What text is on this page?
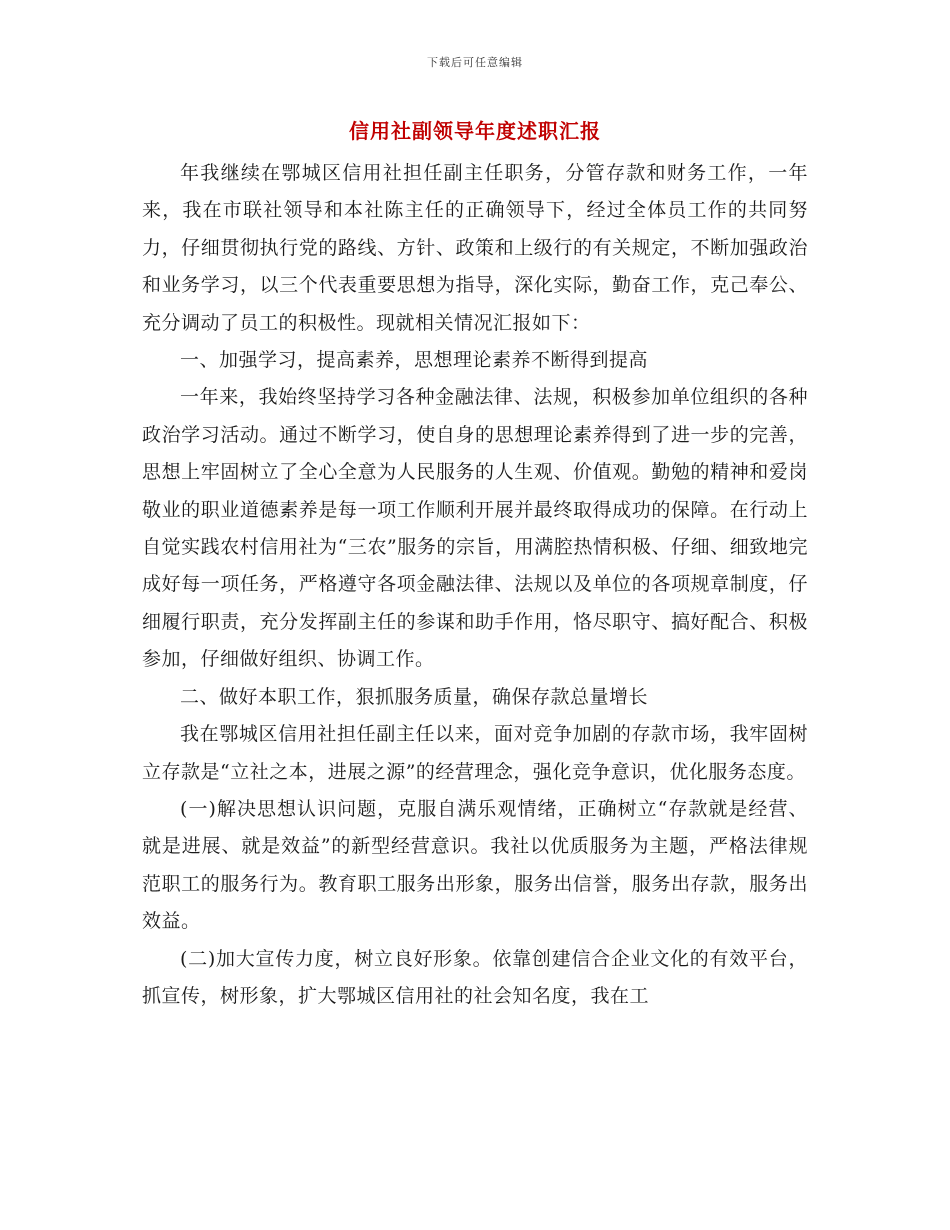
下载后可任意编辑
信用社副领导年度述职汇报

年我继续在鄂城区信用社担任副主任职务，分管存款和财务工作，一年来，我在市联社领导和本社陈主任的正确领导下，经过全体员工作的共同努力，仔细贯彻执行党的路线、方针、政策和上级行的有关规定，不断加强政治和业务学习，以三个代表重要思想为指导，深化实际，勤奋工作，克己奉公、充分调动了员工的积极性。现就相关情况汇报如下：

一、加强学习，提高素养，思想理论素养不断得到提高

一年来，我始终坚持学习各种金融法律、法规，积极参加单位组织的各种政治学习活动。通过不断学习，使自身的思想理论素养得到了进一步的完善，思想上牢固树立了全心全意为人民服务的人生观、价值观。勤勉的精神和爱岗敬业的职业道德素养是每一项工作顺利开展并最终取得成功的保障。在行动上自觉实践农村信用社为“三农”服务的宗旨，用满腔热情积极、仔细、细致地完成好每一项任务，严格遵守各项金融法律、法规以及单位的各项规章制度，仔细履行职责，充分发挥副主任的参谋和助手作用，恪尽职守、搞好配合、积极参加，仔细做好组织、协调工作。

二、做好本职工作，狠抓服务质量，确保存款总量增长

我在鄂城区信用社担任副主任以来，面对竞争加剧的存款市场，我牢固树立存款是“立社之本，进展之源”的经营理念，强化竞争意识，优化服务态度。

(一)解决思想认识问题，克服自满乐观情绪，正确树立“存款就是经营、就是进展、就是效益”的新型经营意识。我社以优质服务为主题，严格法律规范职工的服务行为。教育职工服务出形象，服务出信誉，服务出存款，服务出效益。

(二)加大宣传力度，树立良好形象。依靠创建信合企业文化的有效平台，抓宣传，树形象，扩大鄂城区信用社的社会知名度，我在工
